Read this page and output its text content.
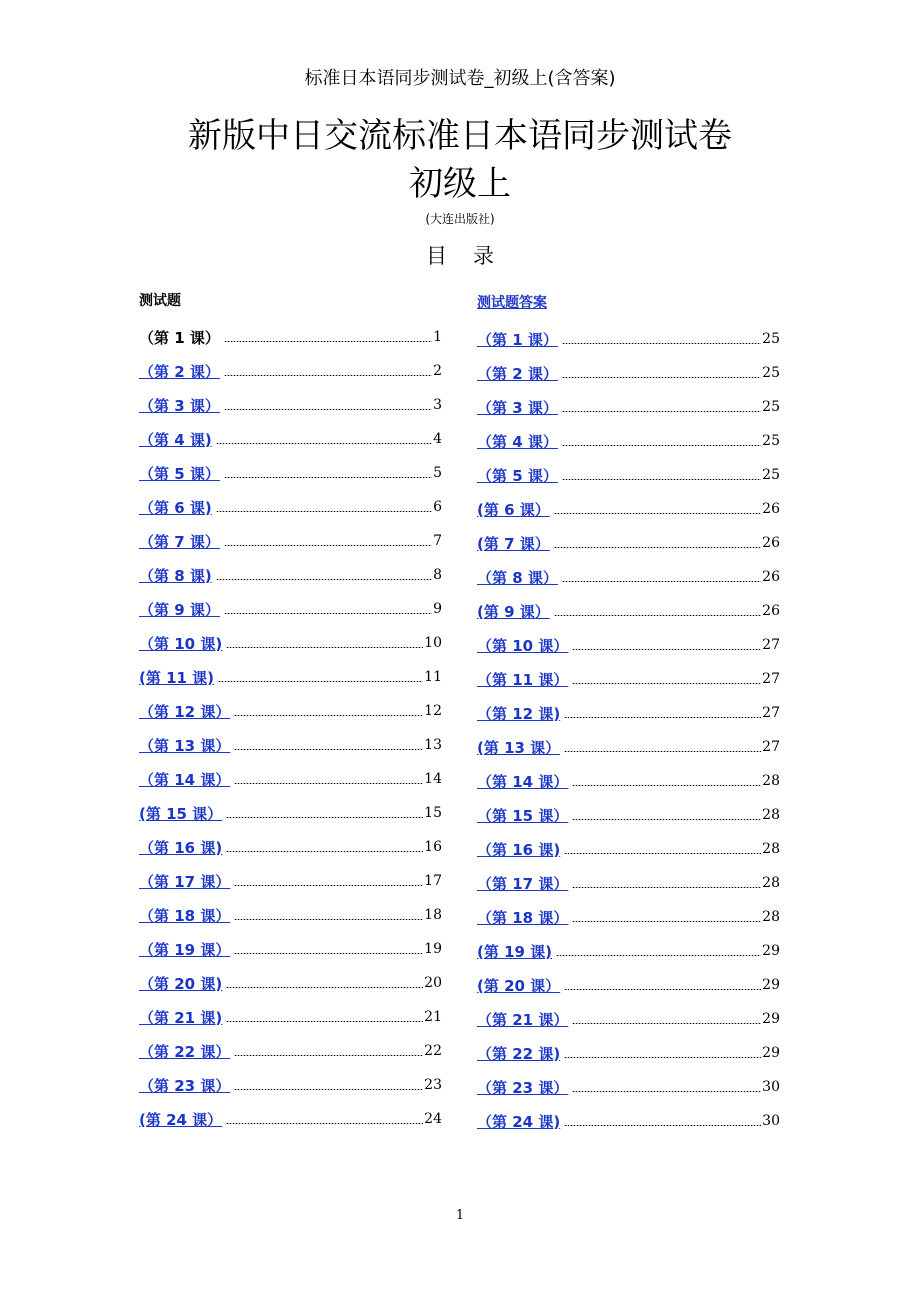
标准日本语同步测试卷_初级上(含答案)
新版中日交流标准日本语同步测试卷
初级上
(大连出版社)
目录
测试题	测试题答案
（第 1 课）	1
（第 2 课）	2
（第 3 课）	3
（第 4 课)	4
（第 5 课）	5
（第 6 课)	6
（第 7 课）	7
（第 8 课)	8
（第 9 课）	9
（第 10 课)	10
(第 11 课)	11
（第 12 课）	12
（第 13 课）	13
（第 14 课）	14
(第 15 课）	15
（第 16 课)	16
（第 17 课）	17
（第 18 课）	18
（第 19 课）	19
（第 20 课)	20
（第 21 课)	21
（第 22 课）	22
（第 23 课）	23
(第 24 课）	24
（第 1 课）	25
（第 2 课）	25
（第 3 课）	25
（第 4 课）	25
（第 5 课）	25
(第 6 课）	26
(第 7 课）	26
（第 8 课）	26
(第 9 课）	26
（第 10 课）	27
（第 11 课）	27
（第 12 课)	27
(第 13 课）	27
（第 14 课）	28
（第 15 课）	28
（第 16 课)	28
（第 17 课）	28
（第 18 课）	28
(第 19 课)	29
(第 20 课）	29
（第 21 课）	29
（第 22 课)	29
（第 23 课）	30
（第 24 课)	30
1
